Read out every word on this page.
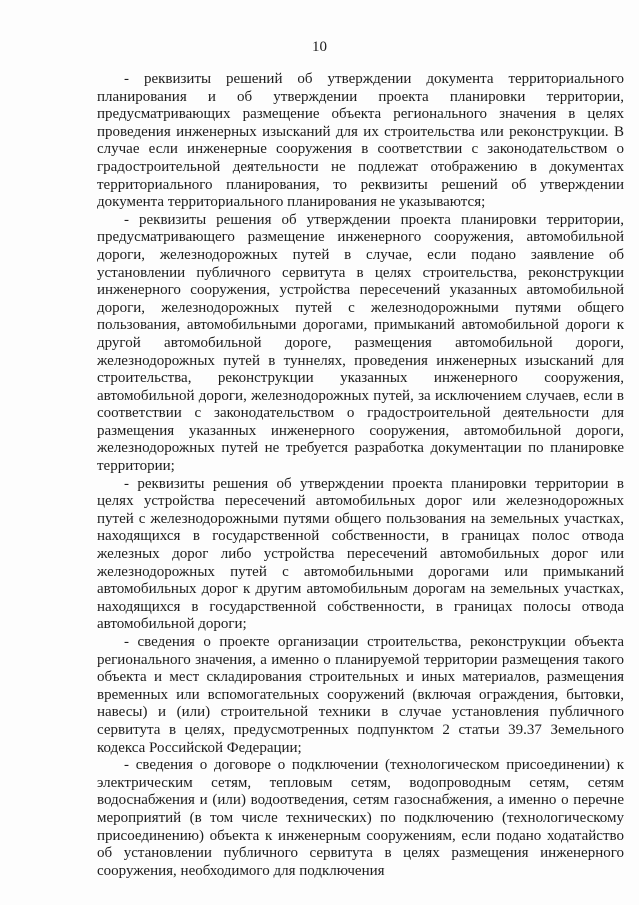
10

- реквизиты решений об утверждении документа территориального планирования и об утверждении проекта планировки территории, предусматривающих размещение объекта регионального значения в целях проведения инженерных изысканий для их строительства или реконструкции. В случае если инженерные сооружения в соответствии с законодательством о градостроительной деятельности не подлежат отображению в документах территориального планирования, то реквизиты решений об утверждении документа территориального планирования не указываются;

- реквизиты решения об утверждении проекта планировки территории, предусматривающего размещение инженерного сооружения, автомобильной дороги, железнодорожных путей в случае, если подано заявление об установлении публичного сервитута в целях строительства, реконструкции инженерного сооружения, устройства пересечений указанных автомобильной дороги, железнодорожных путей с железнодорожными путями общего пользования, автомобильными дорогами, примыканий автомобильной дороги к другой автомобильной дороге, размещения автомобильной дороги, железнодорожных путей в туннелях, проведения инженерных изысканий для строительства, реконструкции указанных инженерного сооружения, автомобильной дороги, железнодорожных путей, за исключением случаев, если в соответствии с законодательством о градостроительной деятельности для размещения указанных инженерного сооружения, автомобильной дороги, железнодорожных путей не требуется разработка документации по планировке территории;

- реквизиты решения об утверждении проекта планировки территории в целях устройства пересечений автомобильных дорог или железнодорожных путей с железнодорожными путями общего пользования на земельных участках, находящихся в государственной собственности, в границах полос отвода железных дорог либо устройства пересечений автомобильных дорог или железнодорожных путей с автомобильными дорогами или примыканий автомобильных дорог к другим автомобильным дорогам на земельных участках, находящихся в государственной собственности, в границах полосы отвода автомобильной дороги;

- сведения о проекте организации строительства, реконструкции объекта регионального значения, а именно о планируемой территории размещения такого объекта и мест складирования строительных и иных материалов, размещения временных или вспомогательных сооружений (включая ограждения, бытовки, навесы) и (или) строительной техники в случае установления публичного сервитута в целях, предусмотренных подпунктом 2 статьи 39.37 Земельного кодекса Российской Федерации;

- сведения о договоре о подключении (технологическом присоединении) к электрическим сетям, тепловым сетям, водопроводным сетям, сетям водоснабжения и (или) водоотведения, сетям газоснабжения, а именно о перечне мероприятий (в том числе технических) по подключению (технологическому присоединению) объекта к инженерным сооружениям, если подано ходатайство об установлении публичного сервитута в целях размещения инженерного сооружения, необходимого для подключения
